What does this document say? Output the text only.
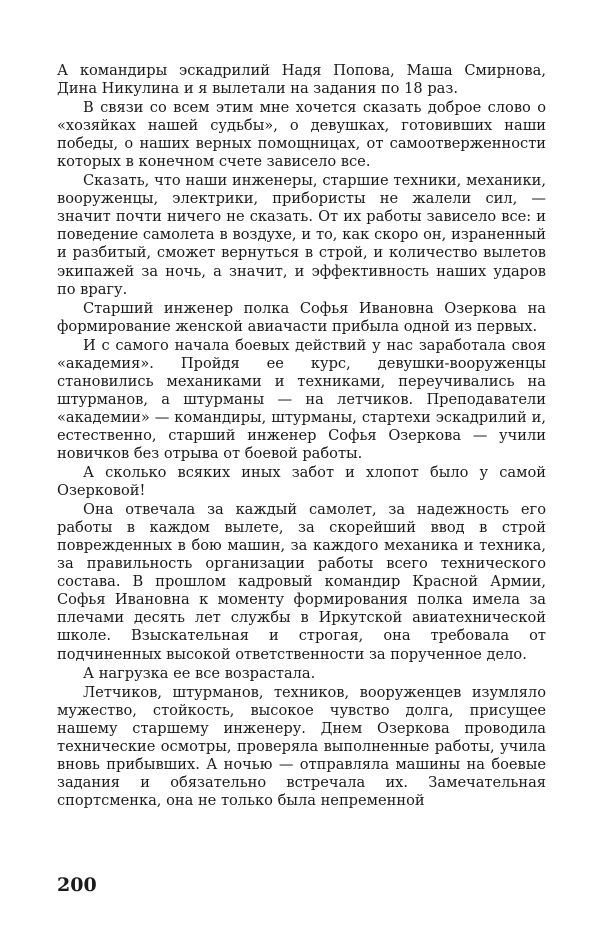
А командиры эскадрилий Надя Попова, Маша Смирнова, Дина Никулина и я вылетали на задания по 18 раз.

В связи со всем этим мне хочется сказать доброе слово о «хозяйках нашей судьбы», о девушках, готовивших наши победы, о наших верных помощницах, от самоотверженности которых в конечном счете зависело все.

Сказать, что наши инженеры, старшие техники, механики, вооруженцы, электрики, прибористы не жалели сил, — значит почти ничего не сказать. От их работы зависело все: и поведение самолета в воздухе, и то, как скоро он, израненный и разбитый, сможет вернуться в строй, и количество вылетов экипажей за ночь, а значит, и эффективность наших ударов по врагу.

Старший инженер полка Софья Ивановна Озеркова на формирование женской авиачасти прибыла одной из первых.

И с самого начала боевых действий у нас заработала своя «академия». Пройдя ее курс, девушки-вооруженцы становились механиками и техниками, переучивались на штурманов, а штурманы — на летчиков. Преподаватели «академии» — командиры, штурманы, стартехи эскадрилий и, естественно, старший инженер Софья Озеркова — учили новичков без отрыва от боевой работы.

А сколько всяких иных забот и хлопот было у самой Озерковой!

Она отвечала за каждый самолет, за надежность его работы в каждом вылете, за скорейший ввод в строй поврежденных в бою машин, за каждого механика и техника, за правильность организации работы всего технического состава. В прошлом кадровый командир Красной Армии, Софья Ивановна к моменту формирования полка имела за плечами десять лет службы в Иркутской авиатехнической школе. Взыскательная и строгая, она требовала от подчиненных высокой ответственности за порученное дело.

А нагрузка ее все возрастала.

Летчиков, штурманов, техников, вооруженцев изумляло мужество, стойкость, высокое чувство долга, присущее нашему старшему инженеру. Днем Озеркова проводила технические осмотры, проверяла выполненные работы, учила вновь прибывших. А ночью — отправляла машины на боевые задания и обязательно встречала их. Замечательная спортсменка, она не только была непременной

200
